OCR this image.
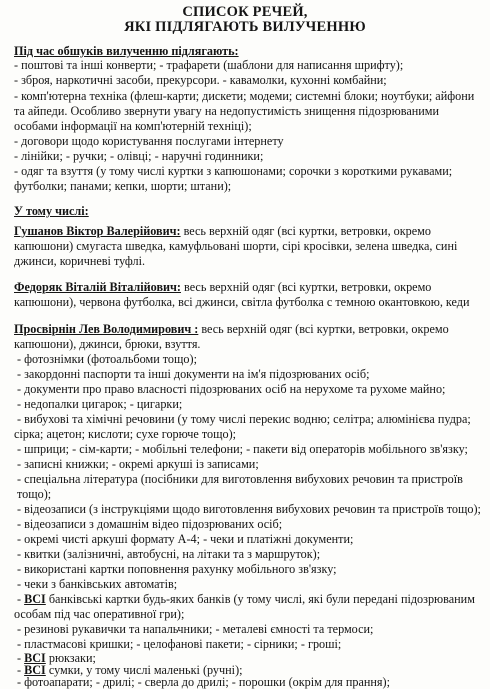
СПИСОК РЕЧЕЙ,
ЯКІ ПІДЛЯГАЮТЬ ВИЛУЧЕННЮ
Під час обшуків вилученню підлягають:
- поштові та інші конверти; - трафарети (шаблони для написання шрифту);
- зброя, наркотичні засоби, прекурсори. - кавамолки, кухонні комбайни;
- комп'ютерна техніка (флеш-карти; дискети; модеми; системні блоки; ноутбуки; айфони
та айпеди. Особливо звернути увагу на недопустимість знищення підозрюваними
особами інформації на комп'ютерній техніці);
- договори щодо користування послугами інтернету
- лінійки; - ручки; - олівці; - наручні годинники;
- одяг та взуття (у тому числі куртки з капюшонами; сорочки з короткими рукавами;
футболки; панами; кепки, шорти; штани);
У тому числі:
Гушанов Віктор Валерійович: весь верхній одяг (всі куртки, ветровки, окремо
капюшони) смугаста шведка, камуфльовані шорти, сірі кросівки, зелена шведка, сині
джинси, коричневі туфлі.
Федоряк Віталій Віталійович: весь верхній одяг (всі куртки, ветровки, окремо
капюшони), червона футболка, всі джинси, світла футболка с темною окантовкою, кеди
Просвірнін Лев Володимирович : весь верхній одяг (всі куртки, ветровки, окремо
капюшони), джинси, брюки, взуття.
- фотознімки (фотоальбоми тощо);
- закордонні паспорти та інші документи на ім'я підозрюваних осіб;
- документи про право власності підозрюваних осіб на нерухоме та рухоме майно;
- недопалки цигарок; - цигарки;
- вибухові та хімічні речовини (у тому числі перекис водню; селітра; алюмінієва пудра;
сірка; ацетон; кислоти; сухе горюче тощо);
- шприци; - сім-карти; - мобільні телефони; - пакети від операторів мобільного зв'язку;
- записні книжки; - окремі аркуші із записами;
- спеціальна література (посібники для виготовлення вибухових речовин та пристроїв
тощо);
- відеозаписи (з інструкціями щодо виготовлення вибухових речовин та пристроїв тощо);
- відеозаписи з домашнім відео підозрюваних осіб;
- окремі чисті аркуші формату А-4; - чеки и платіжні документи;
- квитки (залізничні, автобусні, на літаки та з маршруток);
- використані картки поповнення рахунку мобільного зв'язку;
- чеки з банківських автоматів;
- ВСІ банківські картки будь-яких банків (у тому числі, які були передані підозрюваним
особам під час оперативної гри);
- резинові рукавички та напальчники; - металеві ємності та термоси;
- пластмасові кришки; - целофанові пакети; - сірники; - гроші;
- ВСІ рюкзаки;
- ВСІ сумки, у тому числі маленькі (ручні);
- фотоапарати; - дрилі; - сверла до дрилі; - порошки (окрім для прання);
